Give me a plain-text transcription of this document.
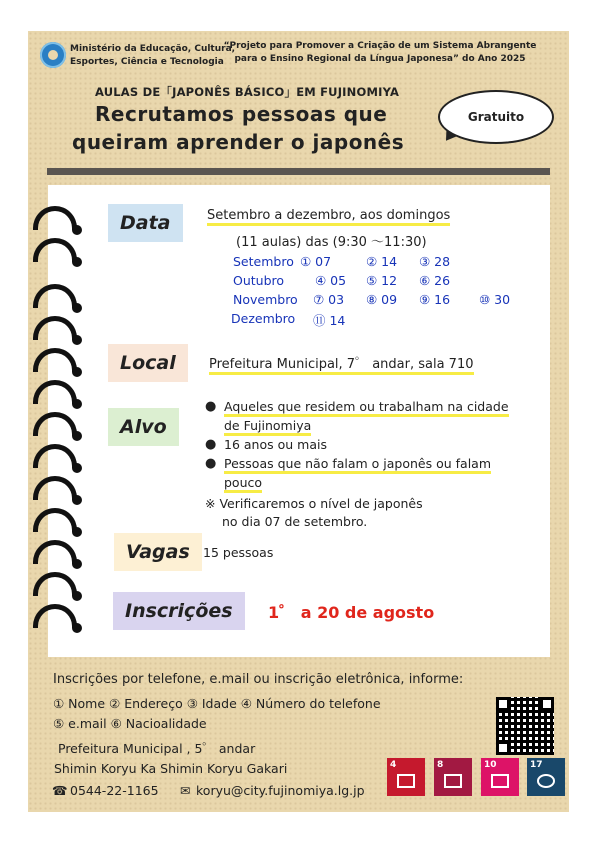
Ministério da Educação, Cultura,
Esportes, Ciência e Tecnologia
“Projeto para Promover a Criação de um Sistema Abrangente
para o Ensino Regional da Língua Japonesa” do Ano 2025
AULAS DE「JAPONÊS BÁSICO」EM FUJINOMIYA
Recrutamos pessoas que
queiram aprender o japonês
Gratuito
Data	Setembro a dezembro, aos domingos
(11 aulas) das (9:30 〜11:30)
Setembro ① 07	② 14 ③ 28
Outubro ④ 05 ⑤ 12 ⑥ 26
Novembro ⑦ 03 ⑧ 09 ⑨ 16 ⑩ 30
Dezembro ⑪ 14
Local	Prefeitura Municipal, 7゜ andar, sala 710
Alvo
● Aqueles que residem ou trabalham na cidade
de Fujinomiya
● 16 anos ou mais
● Pessoas que não falam o japonês ou falam
pouco
※ Verificaremos o nível de japonês
no dia 07 de setembro.
Vagas	15 pessoas
Inscrições	1゜ a 20 de agosto
Inscrições por telefone, e.mail ou inscrição eletrônica, informe:
① Nome ② Endereço ③ Idade ④ Número do telefone
⑤ e.mail ⑥ Nacioalidade
Prefeitura Municipal , 5゜ andar
Shimin Koryu Ka Shimin Koryu Gakari
☎ 0544-22-1165 ✉ koryu@city.fujinomiya.lg.jp
4	8	10	17
